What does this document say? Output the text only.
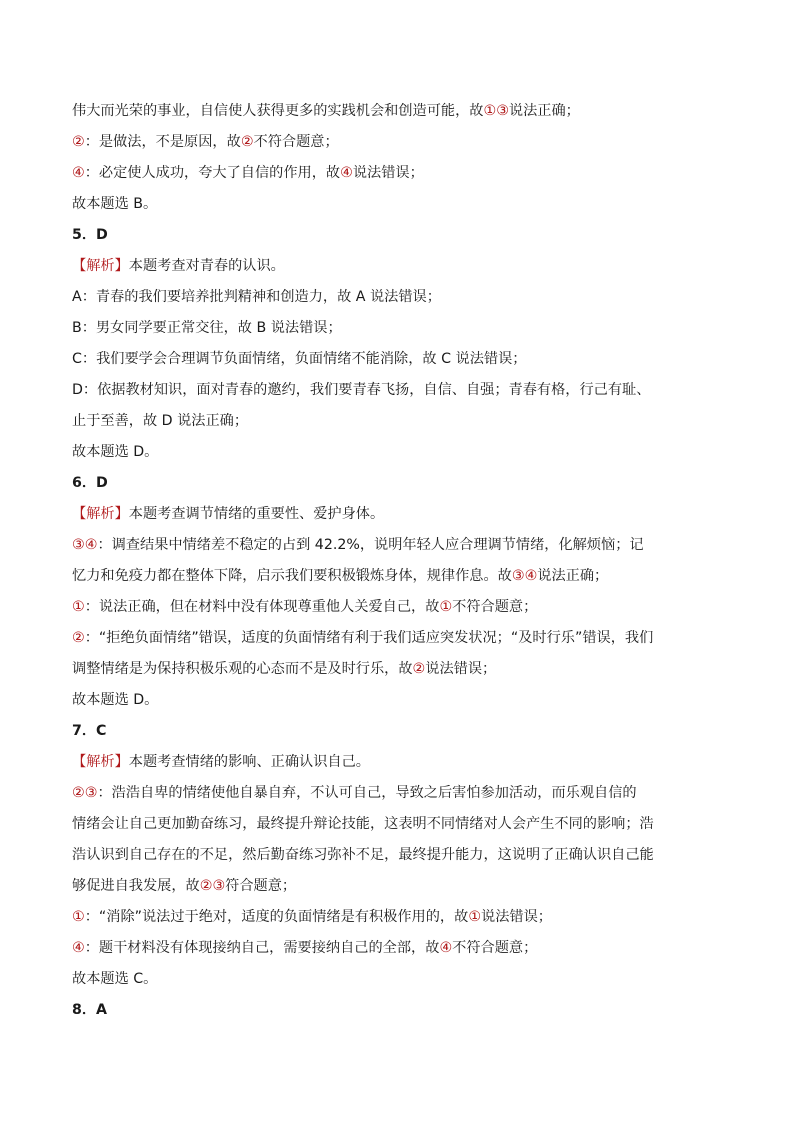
伟大而光荣的事业，自信使人获得更多的实践机会和创造可能，故①③说法正确；
②：是做法，不是原因，故②不符合题意；
④：必定使人成功，夸大了自信的作用，故④说法错误；
故本题选 B。
5．D
【解析】本题考查对青春的认识。
A：青春的我们要培养批判精神和创造力，故 A 说法错误；
B：男女同学要正常交往，故 B 说法错误；
C：我们要学会合理调节负面情绪，负面情绪不能消除，故 C 说法错误；
D：依据教材知识，面对青春的邀约，我们要青春飞扬，自信、自强；青春有格，行己有耻、
止于至善，故 D 说法正确；
故本题选 D。
6．D
【解析】本题考查调节情绪的重要性、爱护身体。
③④：调查结果中情绪差不稳定的占到 42.2%，说明年轻人应合理调节情绪，化解烦恼；记
忆力和免疫力都在整体下降，启示我们要积极锻炼身体，规律作息。故③④说法正确；
①：说法正确，但在材料中没有体现尊重他人关爱自己，故①不符合题意；
②：“拒绝负面情绪”错误，适度的负面情绪有利于我们适应突发状况；“及时行乐”错误，我们
调整情绪是为保持积极乐观的心态而不是及时行乐，故②说法错误；
故本题选 D。
7．C
【解析】本题考查情绪的影响、正确认识自己。
②③：浩浩自卑的情绪使他自暴自弃，不认可自己，导致之后害怕参加活动，而乐观自信的
情绪会让自己更加勤奋练习，最终提升辩论技能，这表明不同情绪对人会产生不同的影响；浩
浩认识到自己存在的不足，然后勤奋练习弥补不足，最终提升能力，这说明了正确认识自己能
够促进自我发展，故②③符合题意；
①：“消除”说法过于绝对，适度的负面情绪是有积极作用的，故①说法错误；
④：题干材料没有体现接纳自己，需要接纳自己的全部，故④不符合题意；
故本题选 C。
8．A
